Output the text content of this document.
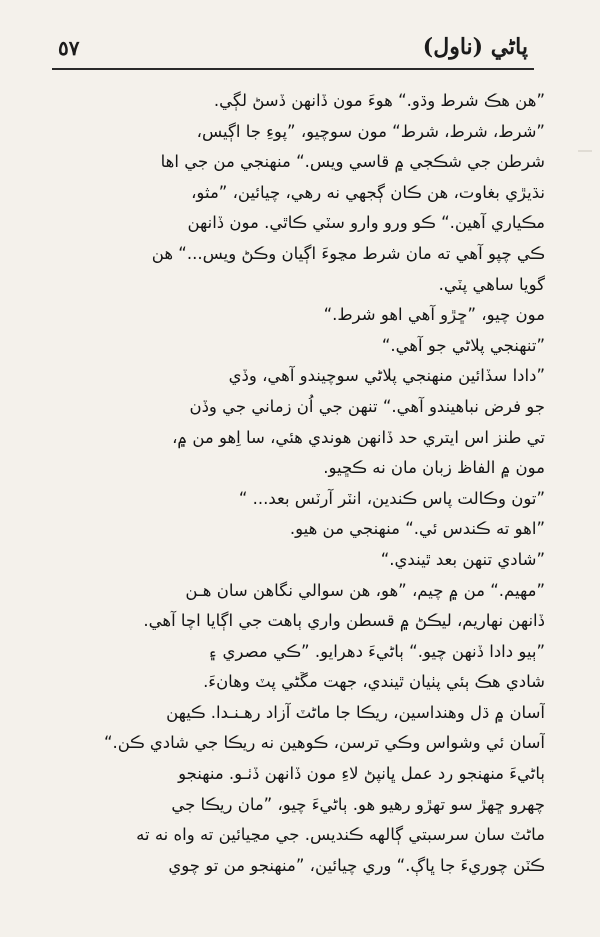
٥٧	پاڻي (ناول)
”هن هڪ شرط وڌو.“ هوءَ مون ڏانهن ڏسڻ لڳي.
”شرط، شرط، شرط“ مون سوچيو، ”پوءِ جا اڳيس،
شرطن جي شڪجي ۾ قاسي ويس.“ منهنجي من جي اها
نڌيڙي بغاوت، هن ڪان ڳجهي نه رهي، چيائين، ”مثو،
مڪياري آهين.“ ڪو ورو وارو سٽي ڪاٿي. مون ڏانهن
ڪي چپو آهي ته مان شرط مڃوءَ اڳيان وڪڻ ويس...“ هن
گويا ساهي پٽي.
مون چيو، ”ڇڙو آهي اهو شرط.“
”تنهنجي پلاڻي جو آهي.“
”دادا سڏائين منهنجي پلاڻي سوچيندو آهي، وڏي
جو فرض نباهيندو آهي.“ تنهن جي اُن زماني جي وڏن
تي طنز اس ايتري حد ڏانهن هوندي هئي، سا اِهو من ۾،
مون ۾ الفاظ زبان مان نه ڪڇيو.
”تون وڪالت پاس ڪندين، انٽر آرٽس بعد... “
”اهو ته ڪندس ئي.“ منهنجي من هيو.
”شادي تنهن بعد ٿيندي.“
”مهيم.“ من ۾ چيم، ”هو، هن سوالي نگاهن سان هـن
ڏانهن نهاريم، ليڪڻ ۾ قسطن واري ٻاهت جي اڳايا اچا آهي.
”ٻيو دادا ڏنهن چيو.“ ٻاڻيءَ دهرايو. ”ڪي مصري ۽
شادي هڪ ٻئي پٺيان ٿيندي، جهت مڱڻي پٽ وهانءَ.
آسان ۾ ڌل وهنداسين، ريڪا جا ماڻٽ آزاد رهـنـدا. ڪيهن
آسان ئي وشواس وڪي ترسن، ڪوهين نه ريڪا جي شادي ڪن.“
ٻاڻيءَ منهنجو رد عمل ڀانپڻ لاءِ مون ڏانهن ڏٺـو. منهنجو
چهرو ڇهڙ سو تهڙو رهيو هو. ٻاڻيءَ چيو، ”مان ريڪا جي
ماڻٽ سان سرسبتي ڳالهه ڪنديس. جي مڃيائين ته واه نه ته
ڪٽن چوريءَ جا ڀاڳ.“ وري چيائين، ”منهنجو من تو چوي
